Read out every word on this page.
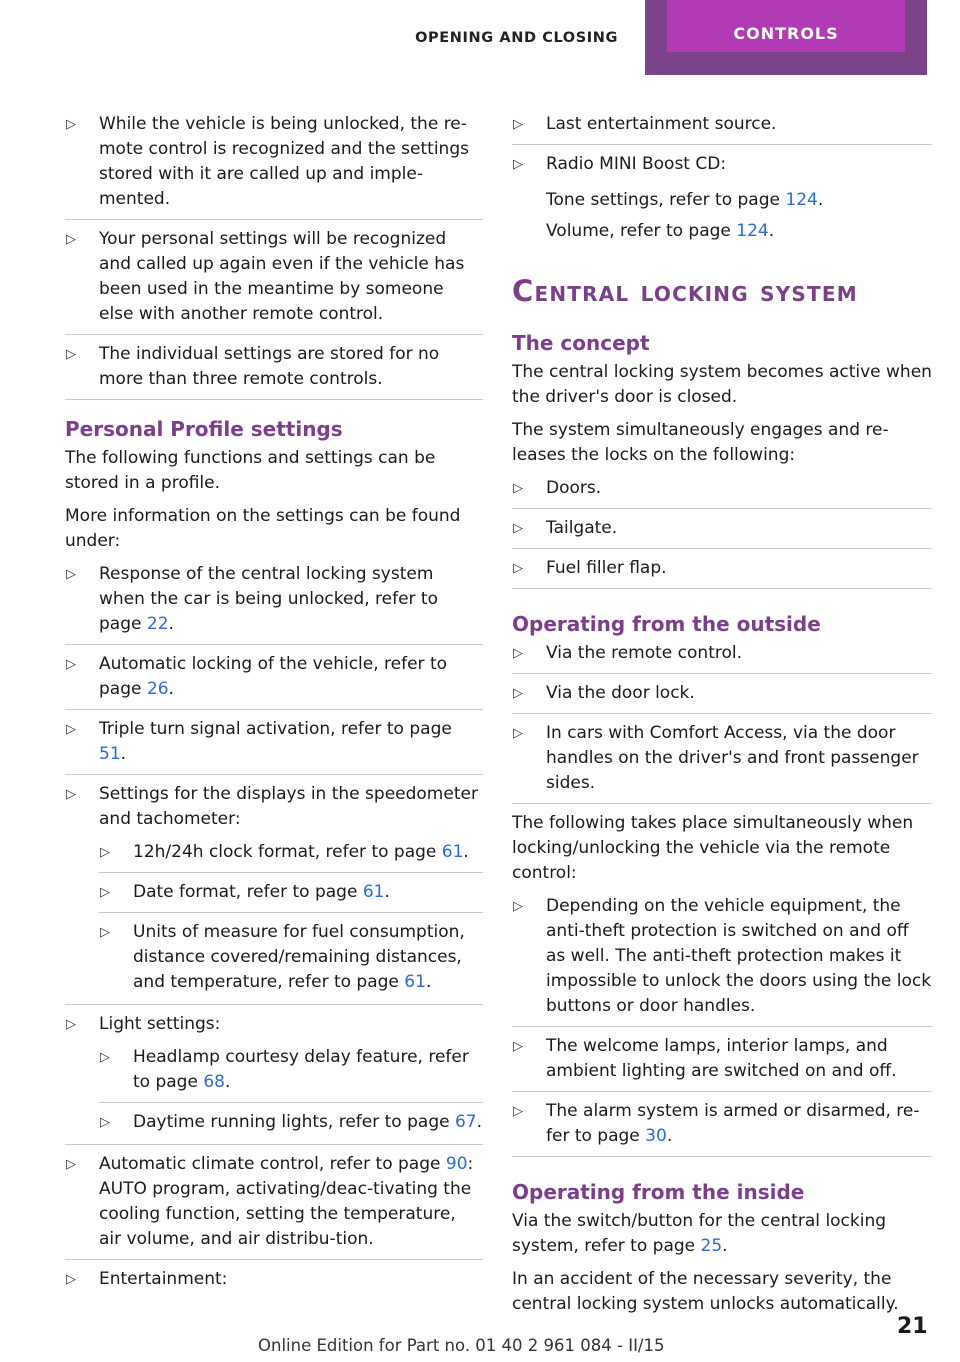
OPENING AND CLOSING	CONTROLS
▷ While the vehicle is being unlocked, the re‐mote control is recognized and the settings stored with it are called up and imple‐mented.
▷ Your personal settings will be recognized and called up again even if the vehicle has been used in the meantime by someone else with another remote control.
▷ The individual settings are stored for no more than three remote controls.
Personal Profile settings

The following functions and settings can be stored in a profile.

More information on the settings can be found under:

▷ Response of the central locking system when the car is being unlocked, refer to page 22.
▷ Automatic locking of the vehicle, refer to page 26.
▷ Triple turn signal activation, refer to page 51.
▷ Settings for the displays in the speedometer and tachometer:
▷ 12h/24h clock format, refer to page 61.
▷ Date format, refer to page 61.
▷ Units of measure for fuel consumption, distance covered/remaining distances, and temperature, refer to page 61.
▷ Light settings:
▷ Headlamp courtesy delay feature, refer to page 68.
▷ Daytime running lights, refer to page 67.
▷ Automatic climate control, refer to page 90: AUTO program, activating/deac‐tivating the cooling function, setting the temperature, air volume, and air distribu‐tion.
▷ Entertainment:
▷ Last entertainment source.
▷ Radio MINI Boost CD:
Tone settings, refer to page 124.
Volume, refer to page 124.
Central locking system
The concept

The central locking system becomes active when the driver's door is closed.

The system simultaneously engages and re‐leases the locks on the following:

▷ Doors.
▷ Tailgate.
▷ Fuel filler flap.
Operating from the outside
▷ Via the remote control.
▷ Via the door lock.
▷ In cars with Comfort Access, via the door handles on the driver's and front passenger sides.

The following takes place simultaneously when locking/unlocking the vehicle via the remote control:

▷ Depending on the vehicle equipment, the anti-theft protection is switched on and off as well. The anti-theft protection makes it impossible to unlock the doors using the lock buttons or door handles.
▷ The welcome lamps, interior lamps, and ambient lighting are switched on and off.
▷ The alarm system is armed or disarmed, re‐fer to page 30.
Operating from the inside

Via the switch/button for the central locking system, refer to page 25.

In an accident of the necessary severity, the central locking system unlocks automatically.

21
Online Edition for Part no. 01 40 2 961 084 - II/15
